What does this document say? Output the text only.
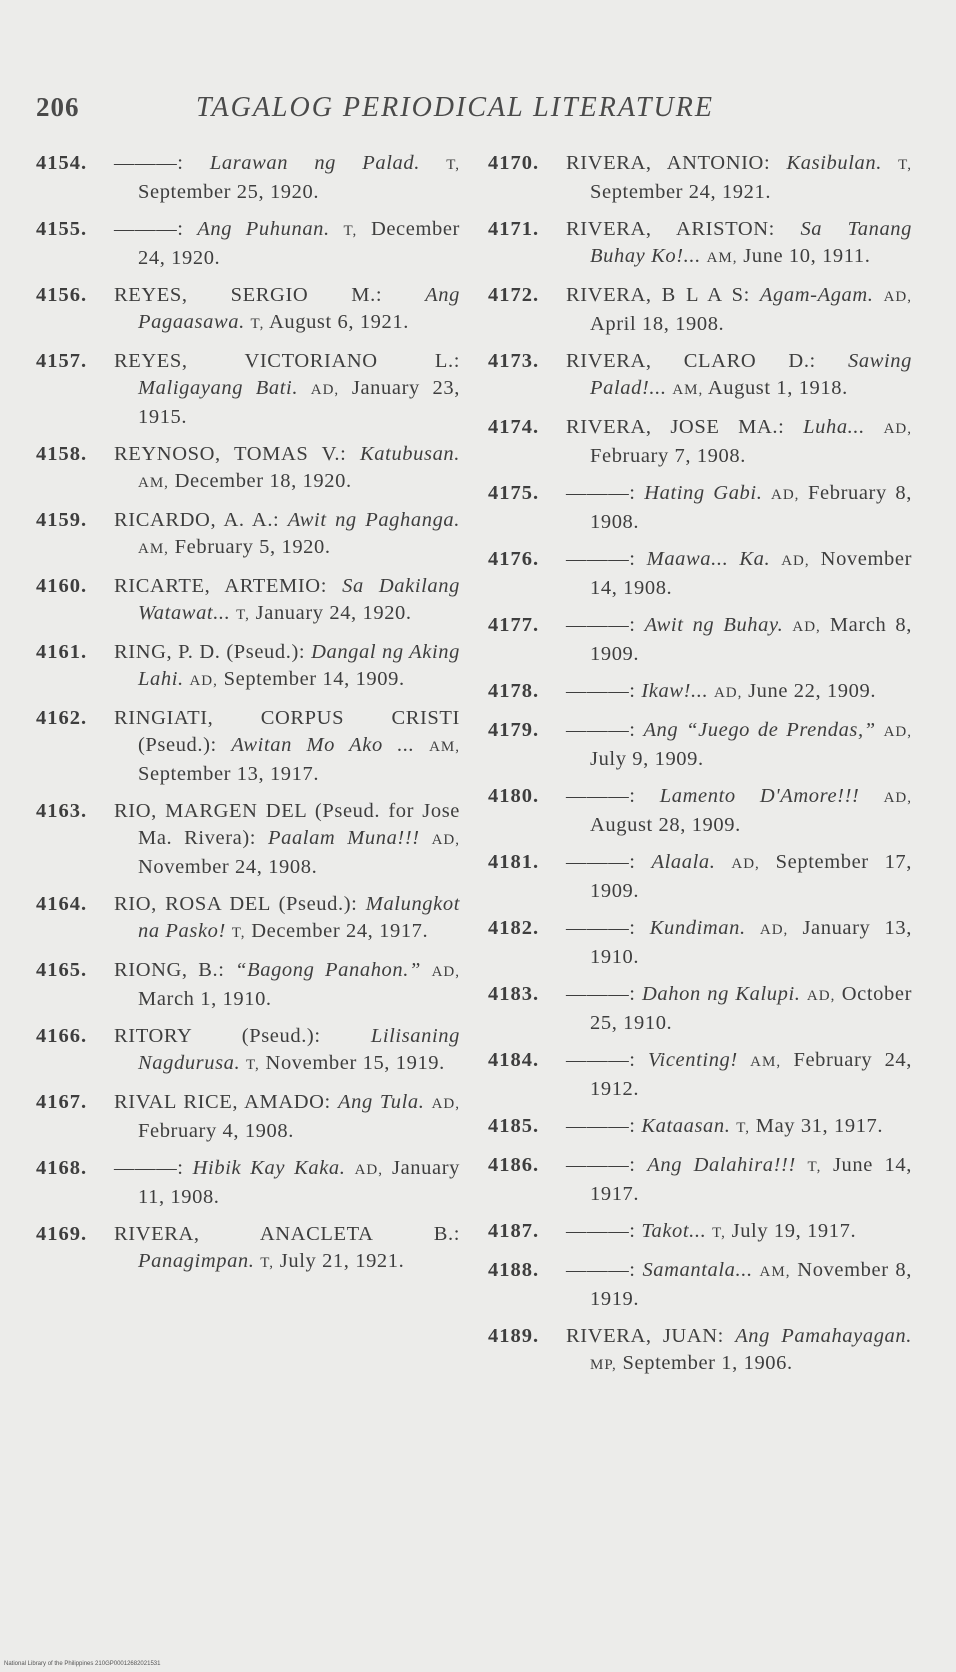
206	TAGALOG PERIODICAL LITERATURE
4154. ———: Larawan ng Palad. T, September 25, 1920.
4155. ———: Ang Puhunan. T, December 24, 1920.
4156. REYES, SERGIO M.: Ang Pagaasawa. T, August 6, 1921.
4157. REYES, VICTORIANO L.: Maligayang Bati. AD, January 23, 1915.
4158. REYNOSO, TOMAS V.: Katubusan. AM, December 18, 1920.
4159. RICARDO, A. A.: Awit ng Paghanga. AM, February 5, 1920.
4160. RICARTE, ARTEMIO: Sa Dakilang Watawat... T, January 24, 1920.
4161. RING, P. D. (Pseud.): Dangal ng Aking Lahi. AD, September 14, 1909.
4162. RINGIATI, CORPUS CRISTI (Pseud.): Awitan Mo Ako ... AM, September 13, 1917.
4163. RIO, MARGEN DEL (Pseud. for Jose Ma. Rivera): Paalam Muna!!! AD, November 24, 1908.
4164. RIO, ROSA DEL (Pseud.): Malungkot na Pasko! T, December 24, 1917.
4165. RIONG, B.: “Bagong Panahon.” AD, March 1, 1910.
4166. RITORY (Pseud.): Lilisaning Nagdurusa. T, November 15, 1919.
4167. RIVAL RICE, AMADO: Ang Tula. AD, February 4, 1908.
4168. ———: Hibik Kay Kaka. AD, January 11, 1908.
4169. RIVERA, ANACLETA B.: Panagimpan. T, July 21, 1921.
4170. RIVERA, ANTONIO: Kasibulan. T, September 24, 1921.
4171. RIVERA, ARISTON: Sa Tanang Buhay Ko!... AM, June 10, 1911.
4172. RIVERA, B L A S: Agam-Agam. AD, April 18, 1908.
4173. RIVERA, CLARO D.: Sawing Palad!... AM, August 1, 1918.
4174. RIVERA, JOSE MA.: Luha... AD, February 7, 1908.
4175. ———: Hating Gabi. AD, February 8, 1908.
4176. ———: Maawa... Ka. AD, November 14, 1908.
4177. ———: Awit ng Buhay. AD, March 8, 1909.
4178. ———: Ikaw!... AD, June 22, 1909.
4179. ———: Ang “Juego de Prendas,” AD, July 9, 1909.
4180. ———: Lamento D'Amore!!! AD, August 28, 1909.
4181. ———: Alaala. AD, September 17, 1909.
4182. ———: Kundiman. AD, January 13, 1910.
4183. ———: Dahon ng Kalupi. AD, October 25, 1910.
4184. ———: Vicenting! AM, February 24, 1912.
4185. ———: Kataasan. T, May 31, 1917.
4186. ———: Ang Dalahira!!! T, June 14, 1917.
4187. ———: Takot... T, July 19, 1917.
4188. ———: Samantala... AM, November 8, 1919.
4189. RIVERA, JUAN: Ang Pamahayagan. MP, September 1, 1906.
National Library of the Philippines 210GP00012682021531
